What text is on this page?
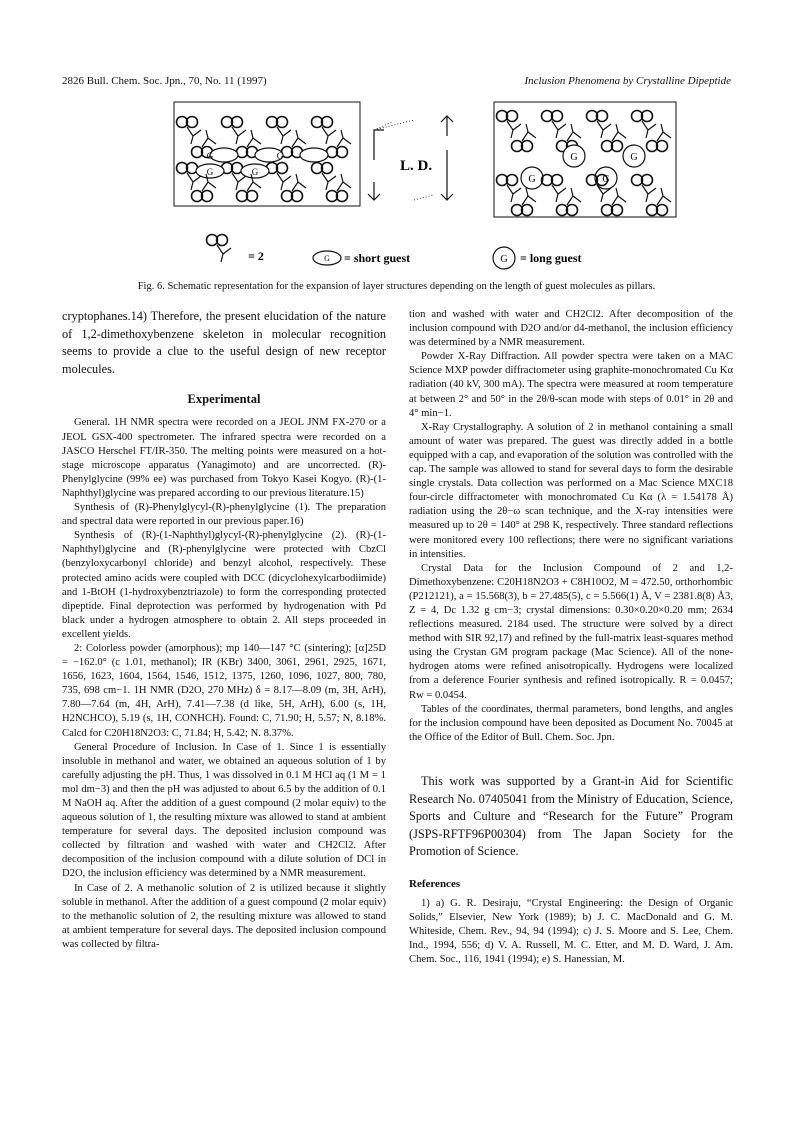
2826 Bull. Chem. Soc. Jpn., 70, No. 11 (1997)	Inclusion Phenomena by Crystalline Dipeptide
G	G
G	G	L. D.
G	G
G	G
= 2	G = short guest	G = long guest
Fig. 6. Schematic representation for the expansion of layer structures depending on the length of guest molecules as pillars.

cryptophanes.14) Therefore, the present elucidation of the nature of 1,2-dimethoxybenzene skeleton in molecular recognition seems to provide a clue to the useful design of new receptor molecules.

Experimental

General. 1H NMR spectra were recorded on a JEOL JNM FX-270 or a JEOL GSX-400 spectrometer. The infrared spectra were recorded on a JASCO Herschel FT/IR-350. The melting points were measured on a hot-stage microscope apparatus (Yanagimoto) and are uncorrected. (R)-Phenylglycine (99% ee) was purchased from Tokyo Kasei Kogyo. (R)-(1-Naphthyl)glycine was prepared according to our previous literature.15)

Synthesis of (R)-Phenylglycyl-(R)-phenylglycine (1). The preparation and spectral data were reported in our previous paper.16)

Synthesis of (R)-(1-Naphthyl)glycyl-(R)-phenylglycine (2). (R)-(1-Naphthyl)glycine and (R)-phenylglycine were protected with CbzCl (benzyloxycarbonyl chloride) and benzyl alcohol, respectively. These protected amino acids were coupled with DCC (dicyclohexylcarbodiimide) and 1-BtOH (1-hydroxybenztriazole) to form the corresponding protected dipeptide. Final deprotection was performed by hydrogenation with Pd black under a hydrogen atmosphere to obtain 2. All steps proceeded in excellent yields.

2: Colorless powder (amorphous); mp 140—147 °C (sintering); [α]25D = −162.0° (c 1.01, methanol); IR (KBr) 3400, 3061, 2961, 2925, 1671, 1656, 1623, 1604, 1564, 1546, 1512, 1375, 1260, 1096, 1027, 800, 780, 735, 698 cm−1. 1H NMR (D2O, 270 MHz) δ = 8.17—8.09 (m, 3H, ArH), 7.80—7.64 (m, 4H, ArH), 7.41—7.38 (d like, 5H, ArH), 6.00 (s, 1H, H2NCHCO), 5.19 (s, 1H, CONHCH). Found: C, 71.90; H, 5.57; N, 8.18%. Calcd for C20H18N2O3: C, 71.84; H, 5.42; N. 8.37%.

General Procedure of Inclusion. In Case of 1. Since 1 is essentially insoluble in methanol and water, we obtained an aqueous solution of 1 by carefully adjusting the pH. Thus, 1 was dissolved in 0.1 M HCl aq (1 M = 1 mol dm−3) and then the pH was adjusted to about 6.5 by the addition of 0.1 M NaOH aq. After the addition of a guest compound (2 molar equiv) to the aqueous solution of 1, the resulting mixture was allowed to stand at ambient temperature for several days. The deposited inclusion compound was collected by filtration and washed with water and CH2Cl2. After decomposition of the inclusion compound with a dilute solution of DCl in D2O, the inclusion efficiency was determined by a NMR measurement.

In Case of 2. A methanolic solution of 2 is utilized because it slightly soluble in methanol. After the addition of a guest compound (2 molar equiv) to the methanolic solution of 2, the resulting mixture was allowed to stand at ambient temperature for several days. The deposited inclusion compound was collected by filtra-

tion and washed with water and CH2Cl2. After decomposition of the inclusion compound with D2O and/or d4-methanol, the inclusion efficiency was determined by a NMR measurement.

Powder X-Ray Diffraction. All powder spectra were taken on a MAC Science MXP powder diffractometer using graphite-monochromated Cu Kα radiation (40 kV, 300 mA). The spectra were measured at room temperature at between 2° and 50° in the 2θ/θ-scan mode with steps of 0.01° in 2θ and 4° min−1.

X-Ray Crystallography. A solution of 2 in methanol containing a small amount of water was prepared. The guest was directly added in a bottle equipped with a cap, and evaporation of the solution was controlled with the cap. The sample was allowed to stand for several days to form the desirable single crystals. Data collection was performed on a Mac Science MXC18 four-circle diffractometer with monochromated Cu Kα (λ = 1.54178 Å) radiation using the 2θ−ω scan technique, and the X-ray intensities were measured up to 2θ = 140° at 298 K, respectively. Three standard reflections were monitored every 100 reflections; there were no significant variations in intensities.

Crystal Data for the Inclusion Compound of 2 and 1,2-Dimethoxybenzene: C20H18N2O3 + C8H10O2, M = 472.50, orthorhombic (P212121), a = 15.568(3), b = 27.485(5), c = 5.566(1) Å, V = 2381.8(8) Å3, Z = 4, Dc 1.32 g cm−3; crystal dimensions: 0.30×0.20×0.20 mm; 2634 reflections measured. 2184 used. The structure were solved by a direct method with SIR 92,17) and refined by the full-matrix least-squares method using the Crystan GM program package (Mac Science). All of the none-hydrogen atoms were refined anisotropically. Hydrogens were localized from a deference Fourier synthesis and refined isotropically. R = 0.0457; Rw = 0.0454.

Tables of the coordinates, thermal parameters, bond lengths, and angles for the inclusion compound have been deposited as Document No. 70045 at the Office of the Editor of Bull. Chem. Soc. Jpn.

This work was supported by a Grant-in Aid for Scientific Research No. 07405041 from the Ministry of Education, Science, Sports and Culture and “Research for the Future” Program (JSPS-RFTF96P00304) from The Japan Society for the Promotion of Science.

References

1) a) G. R. Desiraju, “Crystal Engineering: the Design of Organic Solids,” Elsevier, New York (1989); b) J. C. MacDonald and G. M. Whiteside, Chem. Rev., 94, 94 (1994); c) J. S. Moore and S. Lee, Chem. Ind., 1994, 556; d) V. A. Russell, M. C. Etter, and M. D. Ward, J. Am. Chem. Soc., 116, 1941 (1994); e) S. Hanessian, M.
